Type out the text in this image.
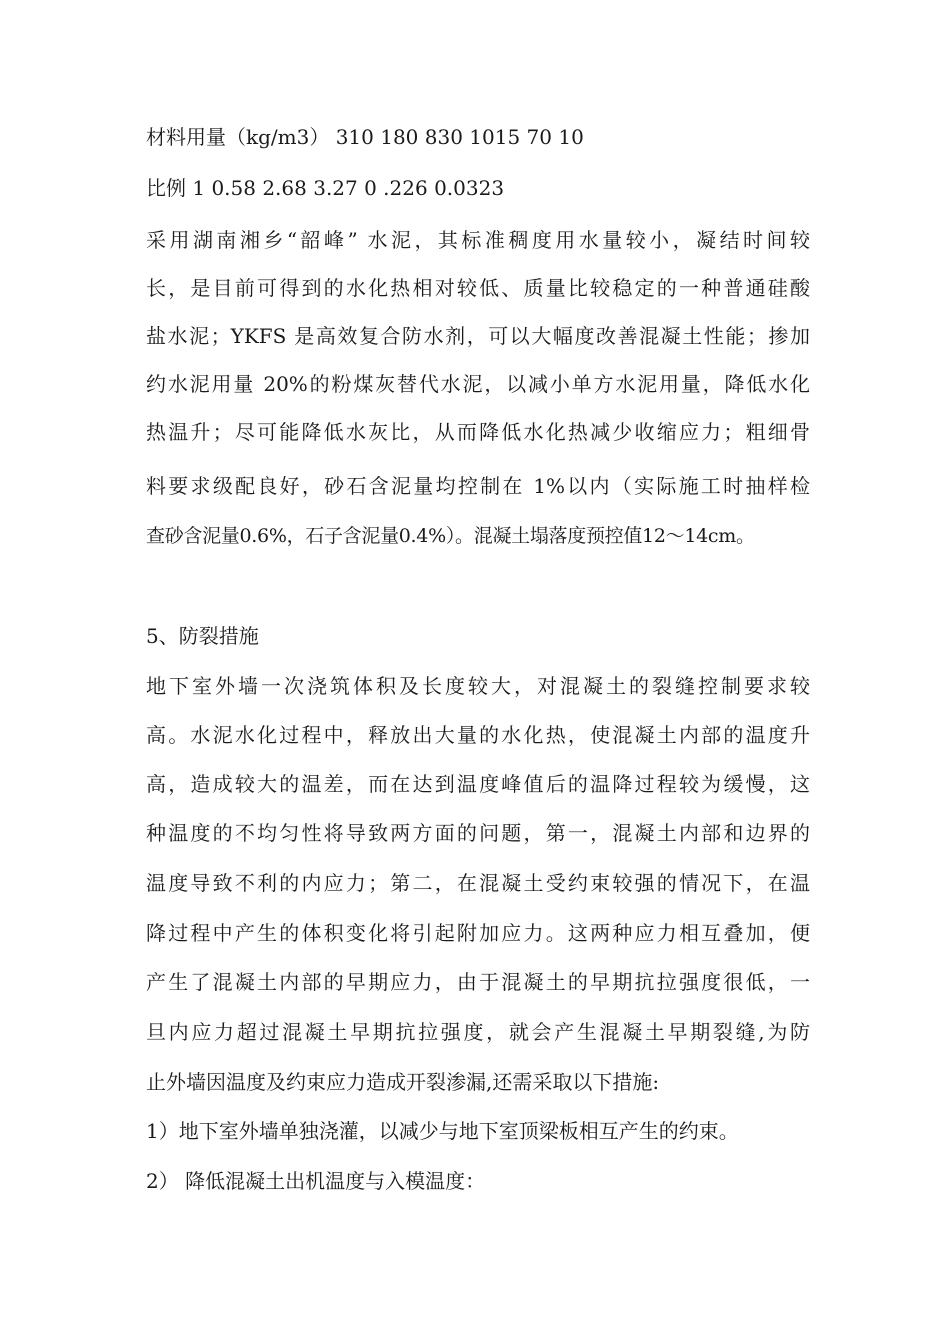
材料用量（kg/m3） 310 180 830 1015 70 10
比例 1 0.58 2.68 3.27 0 .226 0.0323
采用湖南湘乡“韶峰” 水泥，其标准稠度用水量较小，凝结时间较
长，是目前可得到的水化热相对较低、质量比较稳定的一种普通硅酸
盐水泥；YKFS 是高效复合防水剂，可以大幅度改善混凝土性能；掺加
约水泥用量 20%的粉煤灰替代水泥，以减小单方水泥用量，降低水化
热温升；尽可能降低水灰比，从而降低水化热减少收缩应力；粗细骨
料要求级配良好，砂石含泥量均控制在 1%以内（实际施工时抽样检
查砂含泥量0.6%，石子含泥量0.4%）。混凝土塌落度预控值12～14cm。
5、防裂措施
地下室外墙一次浇筑体积及长度较大，对混凝土的裂缝控制要求较
高。水泥水化过程中，释放出大量的水化热，使混凝土内部的温度升
高，造成较大的温差，而在达到温度峰值后的温降过程较为缓慢，这
种温度的不均匀性将导致两方面的问题，第一，混凝土内部和边界的
温度导致不利的内应力；第二，在混凝土受约束较强的情况下，在温
降过程中产生的体积变化将引起附加应力。这两种应力相互叠加，便
产生了混凝土内部的早期应力，由于混凝土的早期抗拉强度很低，一
旦内应力超过混凝土早期抗拉强度，就会产生混凝土早期裂缝,为防
止外墙因温度及约束应力造成开裂渗漏,还需采取以下措施:
1）地下室外墙单独浇灌，以减少与地下室顶梁板相互产生的约束。
2） 降低混凝土出机温度与入模温度：
